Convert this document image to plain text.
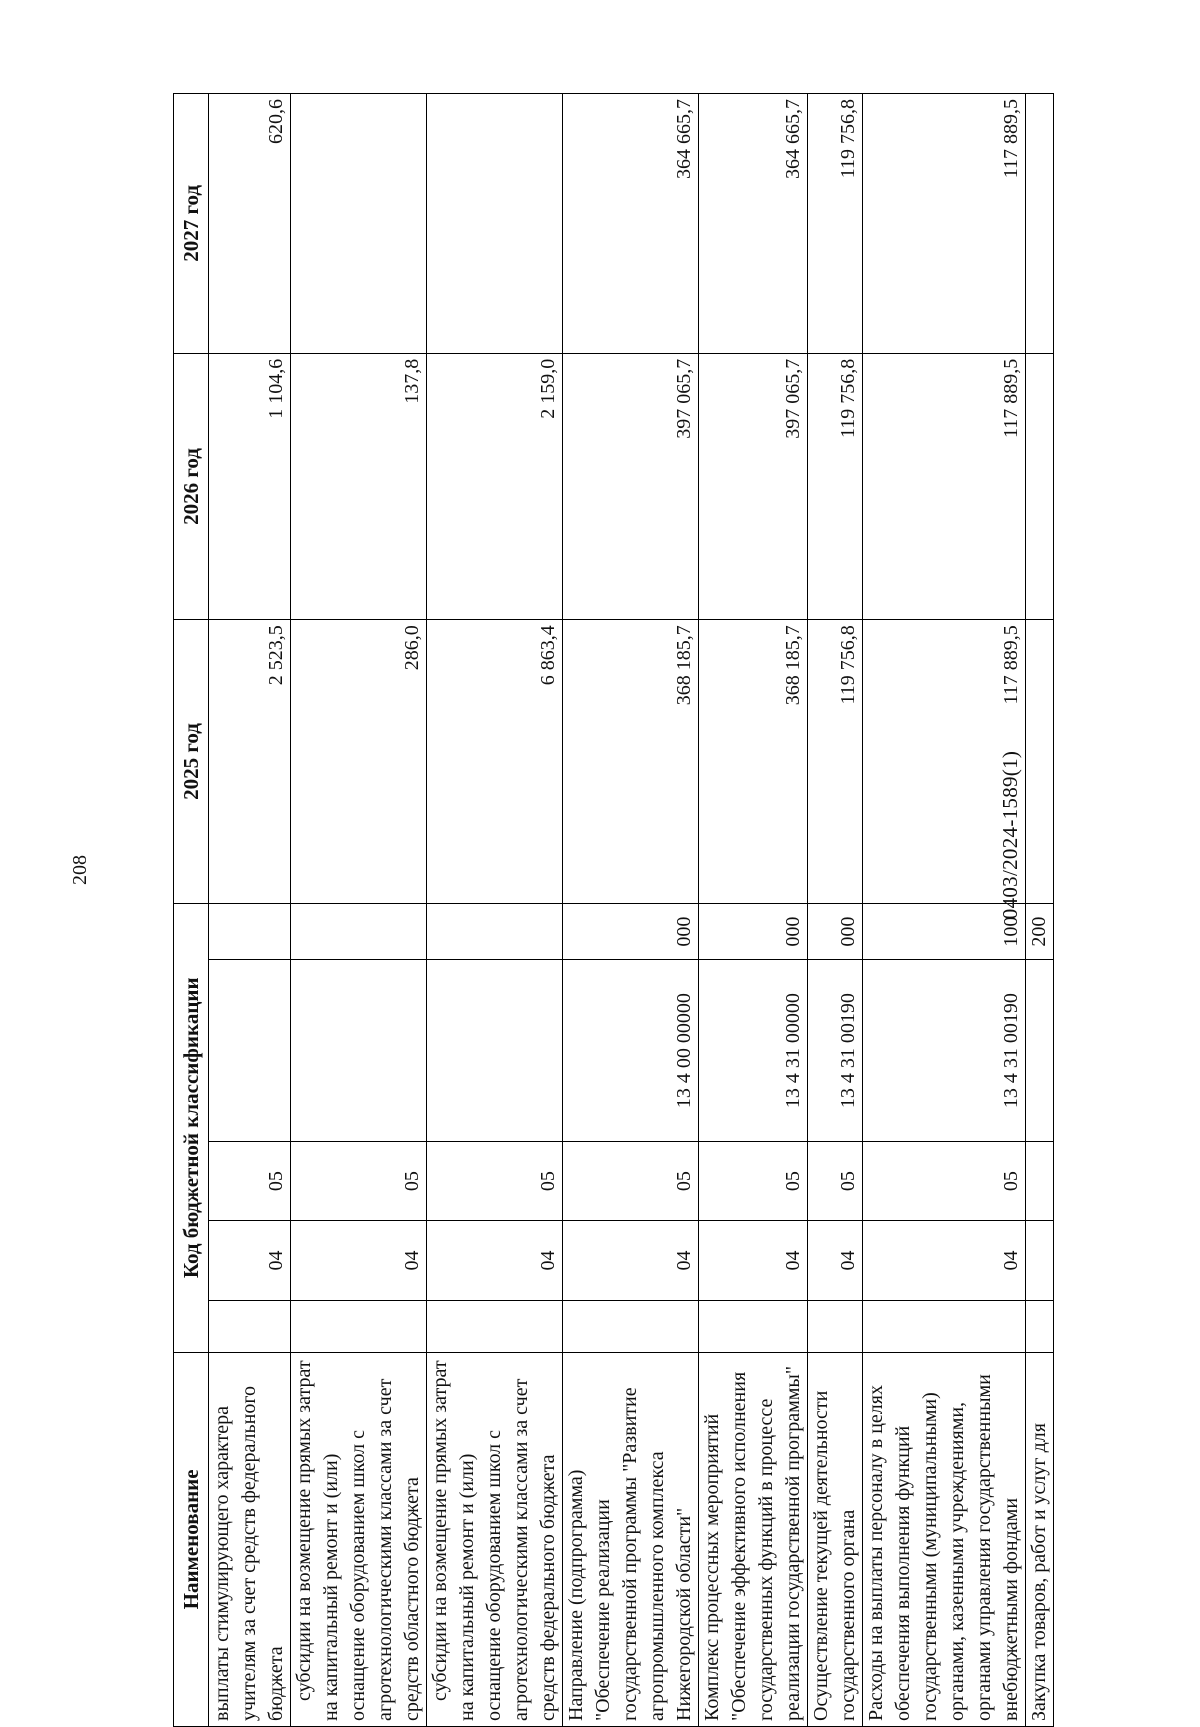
208
Наименование	Код бюджетной классификации					2025 год	2026 год	2027 год
выплаты стимулирующего характера учителям за счет средств федерального бюджета		04	05			2 523,5	1 104,6	620,6
субсидии на возмещение прямых затрат на капитальный ремонт и (или) оснащение оборудованием школ с агротехнологическими классами за счет средств областного бюджета		04	05			286,0	137,8	
субсидии на возмещение прямых затрат на капитальный ремонт и (или) оснащение оборудованием школ с агротехнологическими классами за счет средств федерального бюджета		04	05			6 863,4	2 159,0	
Направление (подпрограмма) "Обеспечение реализации государственной программы "Развитие агропромышленного комплекса Нижегородской области"		04	05	13 4 00 00000	000	368 185,7	397 065,7	364 665,7
Комплекс процессных мероприятий "Обеспечение эффективного исполнения государственных функций в процессе реализации государственной программы"		04	05	13 4 31 00000	000	368 185,7	397 065,7	364 665,7
Осуществление текущей деятельности государственного органа		04	05	13 4 31 00190	000	119 756,8	119 756,8	119 756,8
Расходы на выплаты персоналу в целях обеспечения выполнения функций государственными (муниципальными) органами, казенными учреждениями, органами управления государственными внебюджетными фондами		04	05	13 4 31 00190	100	117 889,5	117 889,5	117 889,5
Закупка товаров, работ и услуг для					200			
0403/2024-1589(1)
